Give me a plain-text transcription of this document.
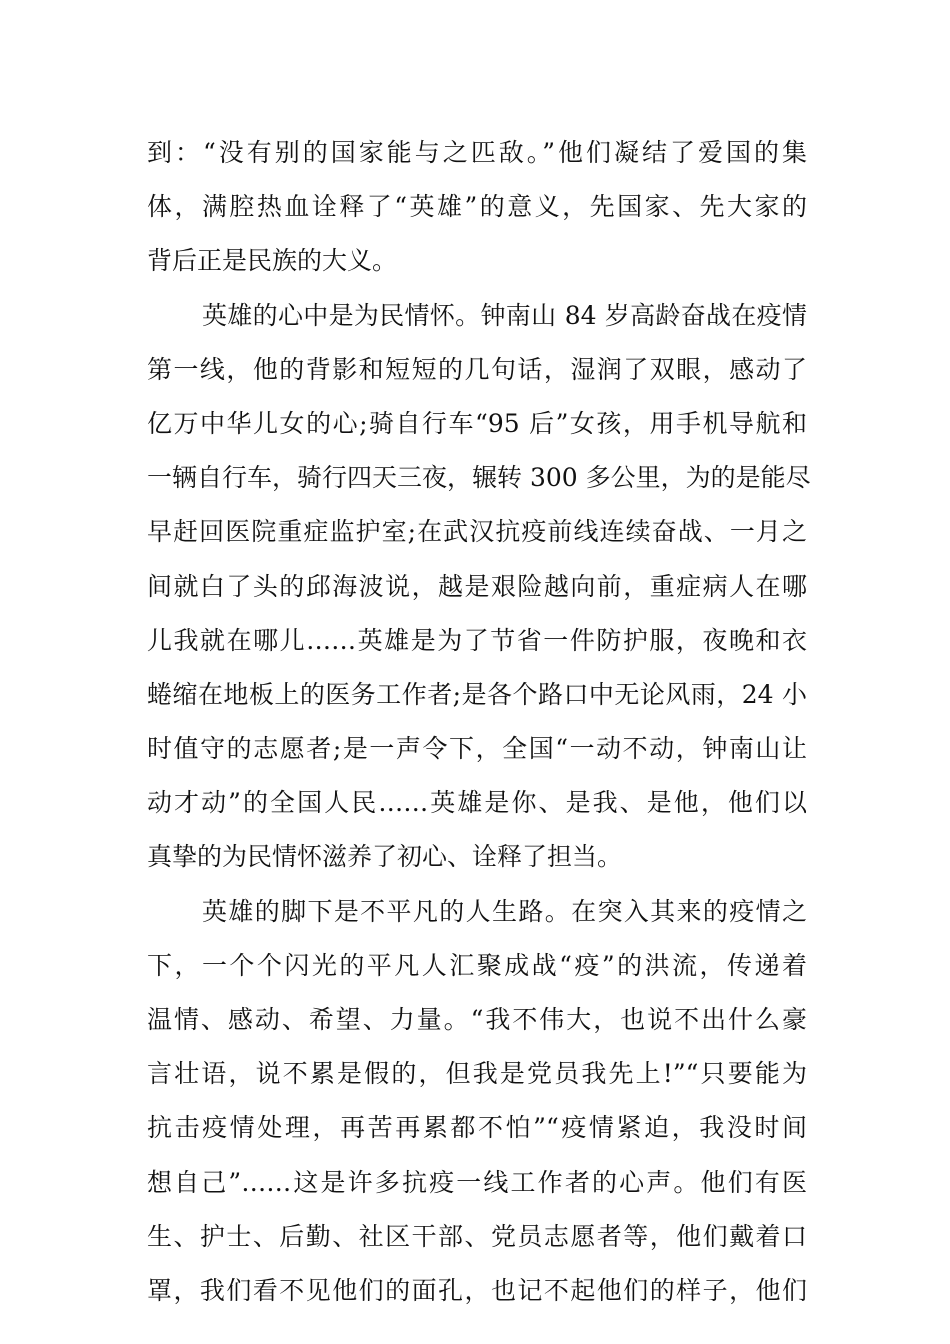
到：“没有别的国家能与之匹敌。”他们凝结了爱国的集
体，满腔热血诠释了“英雄”的意义，先国家、先大家的
背后正是民族的大义。
英雄的心中是为民情怀。钟南山 84 岁高龄奋战在疫情
第一线，他的背影和短短的几句话，湿润了双眼，感动了
亿万中华儿女的心;骑自行车“95 后”女孩，用手机导航和
一辆自行车，骑行四天三夜，辗转 300 多公里，为的是能尽
早赶回医院重症监护室;在武汉抗疫前线连续奋战、一月之
间就白了头的邱海波说，越是艰险越向前，重症病人在哪
儿我就在哪儿……英雄是为了节省一件防护服，夜晚和衣
蜷缩在地板上的医务工作者;是各个路口中无论风雨，24 小
时值守的志愿者;是一声令下，全国“一动不动，钟南山让
动才动”的全国人民……英雄是你、是我、是他，他们以
真挚的为民情怀滋养了初心、诠释了担当。
英雄的脚下是不平凡的人生路。在突入其来的疫情之
下，一个个闪光的平凡人汇聚成战“疫”的洪流，传递着
温情、感动、希望、力量。“我不伟大，也说不出什么豪
言壮语，说不累是假的，但我是党员我先上!”“只要能为
抗击疫情处理，再苦再累都不怕”“疫情紧迫，我没时间
想自己”……这是许多抗疫一线工作者的心声。他们有医
生、护士、后勤、社区干部、党员志愿者等，他们戴着口
罩，我们看不见他们的面孔，也记不起他们的样子，他们
